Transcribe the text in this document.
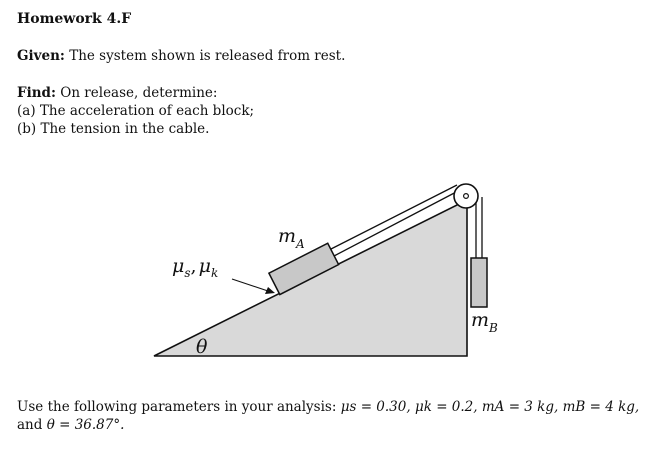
Homework 4.F
Given: The system shown is released from rest.
Find: On release, determine:
(a) The acceleration of each block;
(b) The tension in the cable.
$m_A$
$m_B$
$\mu_s$, $\mu_k$
θ
Use the following parameters in your analysis: μs = 0.30, μk = 0.2, mA = 3 kg, mB = 4 kg, and θ = 36.87°.
